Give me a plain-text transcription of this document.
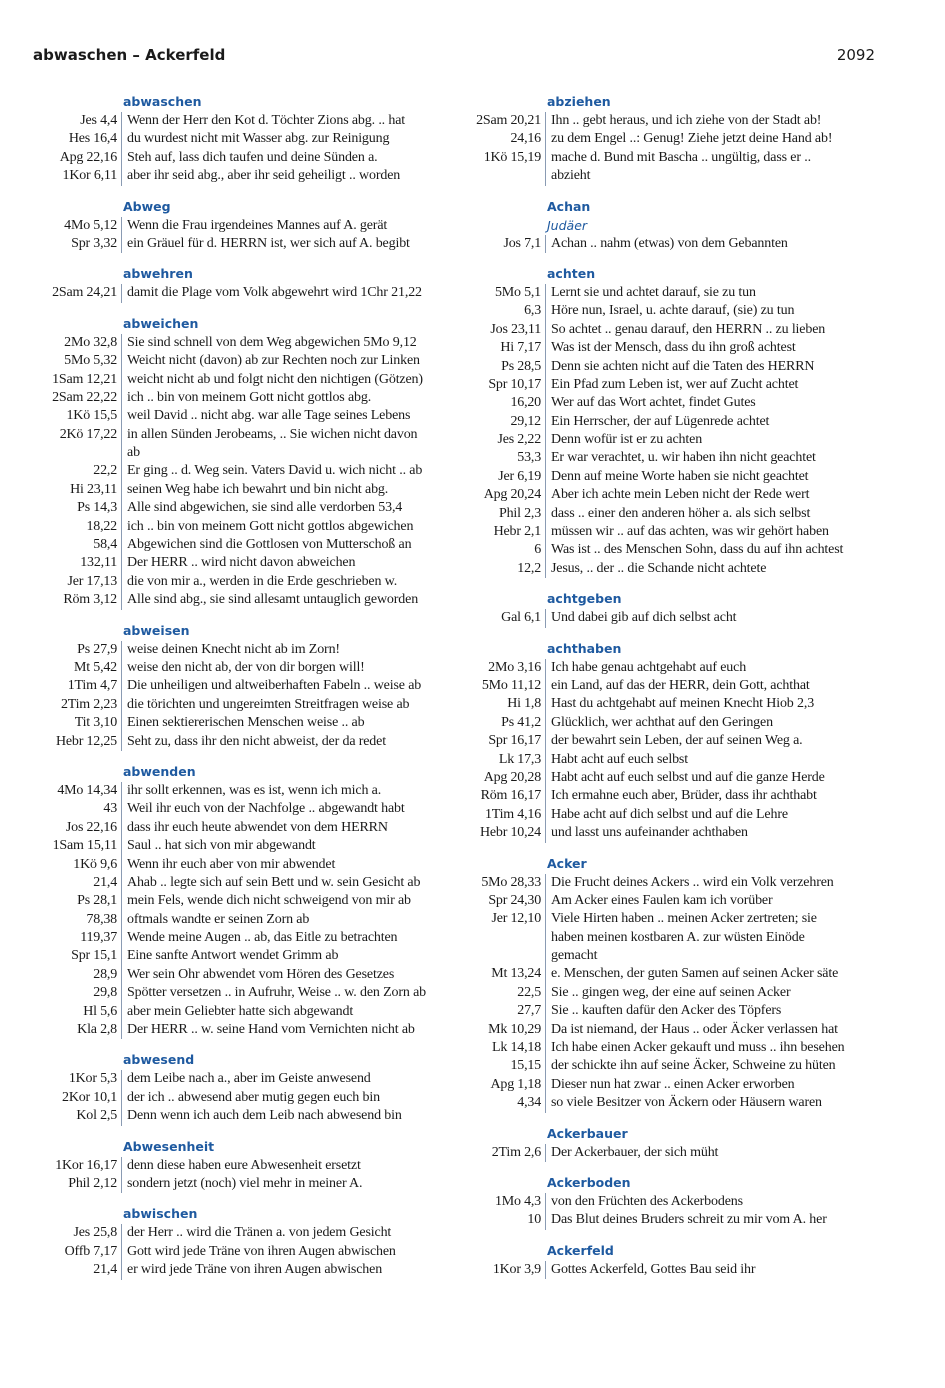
abwaschen – Ackerfeld	2092
abwaschen
Jes 4,4 Wenn der Herr den Kot d. Töchter Zions abg. .. hat
Hes 16,4 du wurdest nicht mit Wasser abg. zur Reinigung
Apg 22,16 Steh auf, lass dich taufen und deine Sünden a.
1Kor 6,11 aber ihr seid abg., aber ihr seid geheiligt .. worden
Abweg
4Mo 5,12 Wenn die Frau irgendeines Mannes auf A. gerät
Spr 3,32 ein Gräuel für d. HERRN ist, wer sich auf A. begibt
abwehren
2Sam 24,21 damit die Plage vom Volk abgewehrt wird 1Chr 21,22
abweichen
2Mo 32,8 Sie sind schnell von dem Weg abgewichen 5Mo 9,12
5Mo 5,32 Weicht nicht (davon) ab zur Rechten noch zur Linken
1Sam 12,21 weicht nicht ab und folgt nicht den nichtigen (Götzen)
2Sam 22,22 ich .. bin von meinem Gott nicht gottlos abg.
1Kö 15,5 weil David .. nicht abg. war alle Tage seines Lebens
2Kö 17,22 in allen Sünden Jerobeams, .. Sie wichen nicht davon
ab
22,2 Er ging .. d. Weg sein. Vaters David u. wich nicht .. ab
Hi 23,11 seinen Weg habe ich bewahrt und bin nicht abg.
Ps 14,3 Alle sind abgewichen, sie sind alle verdorben 53,4
18,22 ich .. bin von meinem Gott nicht gottlos abgewichen
58,4 Abgewichen sind die Gottlosen von Mutterschoß an
132,11 Der HERR .. wird nicht davon abweichen
Jer 17,13 die von mir a., werden in die Erde geschrieben w.
Röm 3,12 Alle sind abg., sie sind allesamt untauglich geworden
abweisen
Ps 27,9 weise deinen Knecht nicht ab im Zorn!
Mt 5,42 weise den nicht ab, der von dir borgen will!
1Tim 4,7 Die unheiligen und altweiberhaften Fabeln .. weise ab
2Tim 2,23 die törichten und ungereimten Streitfragen weise ab
Tit 3,10 Einen sektiererischen Menschen weise .. ab
Hebr 12,25 Seht zu, dass ihr den nicht abweist, der da redet
abwenden
4Mo 14,34 ihr sollt erkennen, was es ist, wenn ich mich a.
43 Weil ihr euch von der Nachfolge .. abgewandt habt
Jos 22,16 dass ihr euch heute abwendet von dem HERRN
1Sam 15,11 Saul .. hat sich von mir abgewandt
1Kö 9,6 Wenn ihr euch aber von mir abwendet
21,4 Ahab .. legte sich auf sein Bett und w. sein Gesicht ab
Ps 28,1 mein Fels, wende dich nicht schweigend von mir ab
78,38 oftmals wandte er seinen Zorn ab
119,37 Wende meine Augen .. ab, das Eitle zu betrachten
Spr 15,1 Eine sanfte Antwort wendet Grimm ab
28,9 Wer sein Ohr abwendet vom Hören des Gesetzes
29,8 Spötter versetzen .. in Aufruhr, Weise .. w. den Zorn ab
Hl 5,6 aber mein Geliebter hatte sich abgewandt
Kla 2,8 Der HERR .. w. seine Hand vom Vernichten nicht ab
abwesend
1Kor 5,3 dem Leibe nach a., aber im Geiste anwesend
2Kor 10,1 der ich .. abwesend aber mutig gegen euch bin
Kol 2,5 Denn wenn ich auch dem Leib nach abwesend bin
Abwesenheit
1Kor 16,17 denn diese haben eure Abwesenheit ersetzt
Phil 2,12 sondern jetzt (noch) viel mehr in meiner A.
abwischen
Jes 25,8 der Herr .. wird die Tränen a. von jedem Gesicht
Offb 7,17 Gott wird jede Träne von ihren Augen abwischen
21,4 er wird jede Träne von ihren Augen abwischen
abziehen
2Sam 20,21 Ihn .. gebt heraus, und ich ziehe von der Stadt ab!
24,16 zu dem Engel ..: Genug! Ziehe jetzt deine Hand ab!
1Kö 15,19 mache d. Bund mit Bascha .. ungültig, dass er ..
abzieht
Achan
Judäer
Jos 7,1 Achan .. nahm (etwas) von dem Gebannten
achten
5Mo 5,1 Lernt sie und achtet darauf, sie zu tun
6,3 Höre nun, Israel, u. achte darauf, (sie) zu tun
Jos 23,11 So achtet .. genau darauf, den HERRN .. zu lieben
Hi 7,17 Was ist der Mensch, dass du ihn groß achtest
Ps 28,5 Denn sie achten nicht auf die Taten des HERRN
Spr 10,17 Ein Pfad zum Leben ist, wer auf Zucht achtet
16,20 Wer auf das Wort achtet, findet Gutes
29,12 Ein Herrscher, der auf Lügenrede achtet
Jes 2,22 Denn wofür ist er zu achten
53,3 Er war verachtet, u. wir haben ihn nicht geachtet
Jer 6,19 Denn auf meine Worte haben sie nicht geachtet
Apg 20,24 Aber ich achte mein Leben nicht der Rede wert
Phil 2,3 dass .. einer den anderen höher a. als sich selbst
Hebr 2,1 müssen wir .. auf das achten, was wir gehört haben
6 Was ist .. des Menschen Sohn, dass du auf ihn achtest
12,2 Jesus, .. der .. die Schande nicht achtete
achtgeben
Gal 6,1 Und dabei gib auf dich selbst acht
achthaben
2Mo 3,16 Ich habe genau achtgehabt auf euch
5Mo 11,12 ein Land, auf das der HERR, dein Gott, achthat
Hi 1,8 Hast du achtgehabt auf meinen Knecht Hiob 2,3
Ps 41,2 Glücklich, wer achthat auf den Geringen
Spr 16,17 der bewahrt sein Leben, der auf seinen Weg a.
Lk 17,3 Habt acht auf euch selbst
Apg 20,28 Habt acht auf euch selbst und auf die ganze Herde
Röm 16,17 Ich ermahne euch aber, Brüder, dass ihr achthabt
1Tim 4,16 Habe acht auf dich selbst und auf die Lehre
Hebr 10,24 und lasst uns aufeinander achthaben
Acker
5Mo 28,33 Die Frucht deines Ackers .. wird ein Volk verzehren
Spr 24,30 Am Acker eines Faulen kam ich vorüber
Jer 12,10 Viele Hirten haben .. meinen Acker zertreten; sie
haben meinen kostbaren A. zur wüsten Einöde
gemacht
Mt 13,24 e. Menschen, der guten Samen auf seinen Acker säte
22,5 Sie .. gingen weg, der eine auf seinen Acker
27,7 Sie .. kauften dafür den Acker des Töpfers
Mk 10,29 Da ist niemand, der Haus .. oder Äcker verlassen hat
Lk 14,18 Ich habe einen Acker gekauft und muss .. ihn besehen
15,15 der schickte ihn auf seine Äcker, Schweine zu hüten
Apg 1,18 Dieser nun hat zwar .. einen Acker erworben
4,34 so viele Besitzer von Äckern oder Häusern waren
Ackerbauer
2Tim 2,6 Der Ackerbauer, der sich müht
Ackerboden
1Mo 4,3 von den Früchten des Ackerbodens
10 Das Blut deines Bruders schreit zu mir vom A. her
Ackerfeld
1Kor 3,9 Gottes Ackerfeld, Gottes Bau seid ihr
